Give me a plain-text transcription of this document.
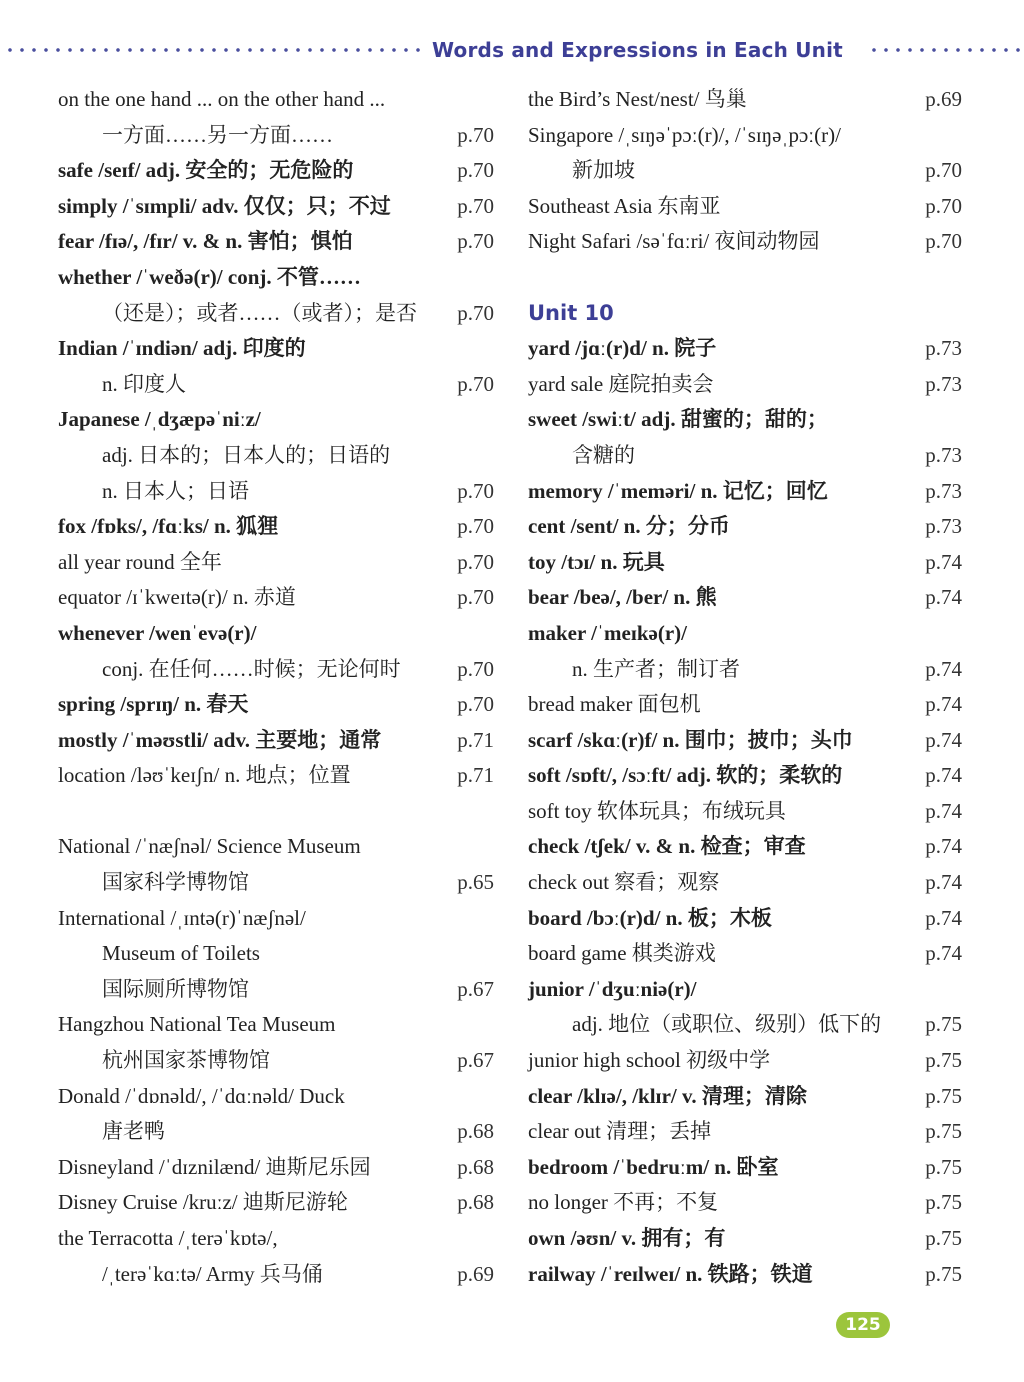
Words and Expressions in Each Unit
on the one hand ... on the other hand ...
一方面……另一方面……	p.70
safe /seɪf/ adj. 安全的；无危险的	p.70
simply /ˈsɪmpli/ adv. 仅仅；只；不过	p.70
fear /fɪə/, /fɪr/ v. & n. 害怕；惧怕	p.70
whether /ˈweðə(r)/ conj. 不管……
（还是）；或者……（或者）；是否 p.70
Indian /ˈɪndiən/ adj. 印度的
n. 印度人	p.70
Japanese /ˌdʒæpəˈniːz/
adj. 日本的；日本人的；日语的
n. 日本人；日语	p.70
fox /fɒks/, /fɑːks/ n. 狐狸	p.70
all year round 全年	p.70
equator /ɪˈkweɪtə(r)/ n. 赤道	p.70
whenever /wenˈevə(r)/
conj. 在任何……时候；无论何时	p.70
spring /sprɪŋ/ n. 春天	p.70
mostly /ˈməʊstli/ adv. 主要地；通常	p.71
location /ləʊˈkeɪʃn/ n. 地点；位置	p.71
National /ˈnæʃnəl/ Science Museum
国家科学博物馆	p.65
International /ˌɪntə(r)ˈnæʃnəl/
Museum of Toilets
国际厕所博物馆	p.67
Hangzhou National Tea Museum
杭州国家茶博物馆	p.67
Donald /ˈdɒnəld/, /ˈdɑːnəld/ Duck
唐老鸭	p.68
Disneyland /ˈdɪznilænd/ 迪斯尼乐园	p.68
Disney Cruise /kruːz/ 迪斯尼游轮	p.68
the Terracotta /ˌterəˈkɒtə/,
/ˌterəˈkɑːtə/ Army 兵马俑	p.69
the Bird’s Nest/nest/ 鸟巢	p.69
Singapore /ˌsɪŋəˈpɔː(r)/, /ˈsɪŋəˌpɔː(r)/
新加坡	p.70
Southeast Asia 东南亚	p.70
Night Safari /səˈfɑːri/ 夜间动物园	p.70
Unit 10
yard /jɑː(r)d/ n. 院子	p.73
yard sale 庭院拍卖会	p.73
sweet /swiːt/ adj. 甜蜜的；甜的；
含糖的	p.73
memory /ˈmeməri/ n. 记忆；回忆	p.73
cent /sent/ n. 分；分币	p.73
toy /tɔɪ/ n. 玩具	p.74
bear /beə/, /ber/ n. 熊	p.74
maker /ˈmeɪkə(r)/
n. 生产者；制订者	p.74
bread maker 面包机	p.74
scarf /skɑː(r)f/ n. 围巾；披巾；头巾	p.74
soft /sɒft/, /sɔːft/ adj. 软的；柔软的	p.74
soft toy 软体玩具；布绒玩具	p.74
check /tʃek/ v. & n. 检查；审查	p.74
check out 察看；观察	p.74
board /bɔː(r)d/ n. 板；木板	p.74
board game 棋类游戏	p.74
junior /ˈdʒuːniə(r)/
adj. 地位（或职位、级别）低下的 p.75
junior high school 初级中学	p.75
clear /klɪə/, /klɪr/ v. 清理；清除	p.75
clear out 清理；丢掉	p.75
bedroom /ˈbedruːm/ n. 卧室	p.75
no longer 不再；不复	p.75
own /əʊn/ v. 拥有；有	p.75
railway /ˈreɪlweɪ/ n. 铁路；铁道	p.75
125
